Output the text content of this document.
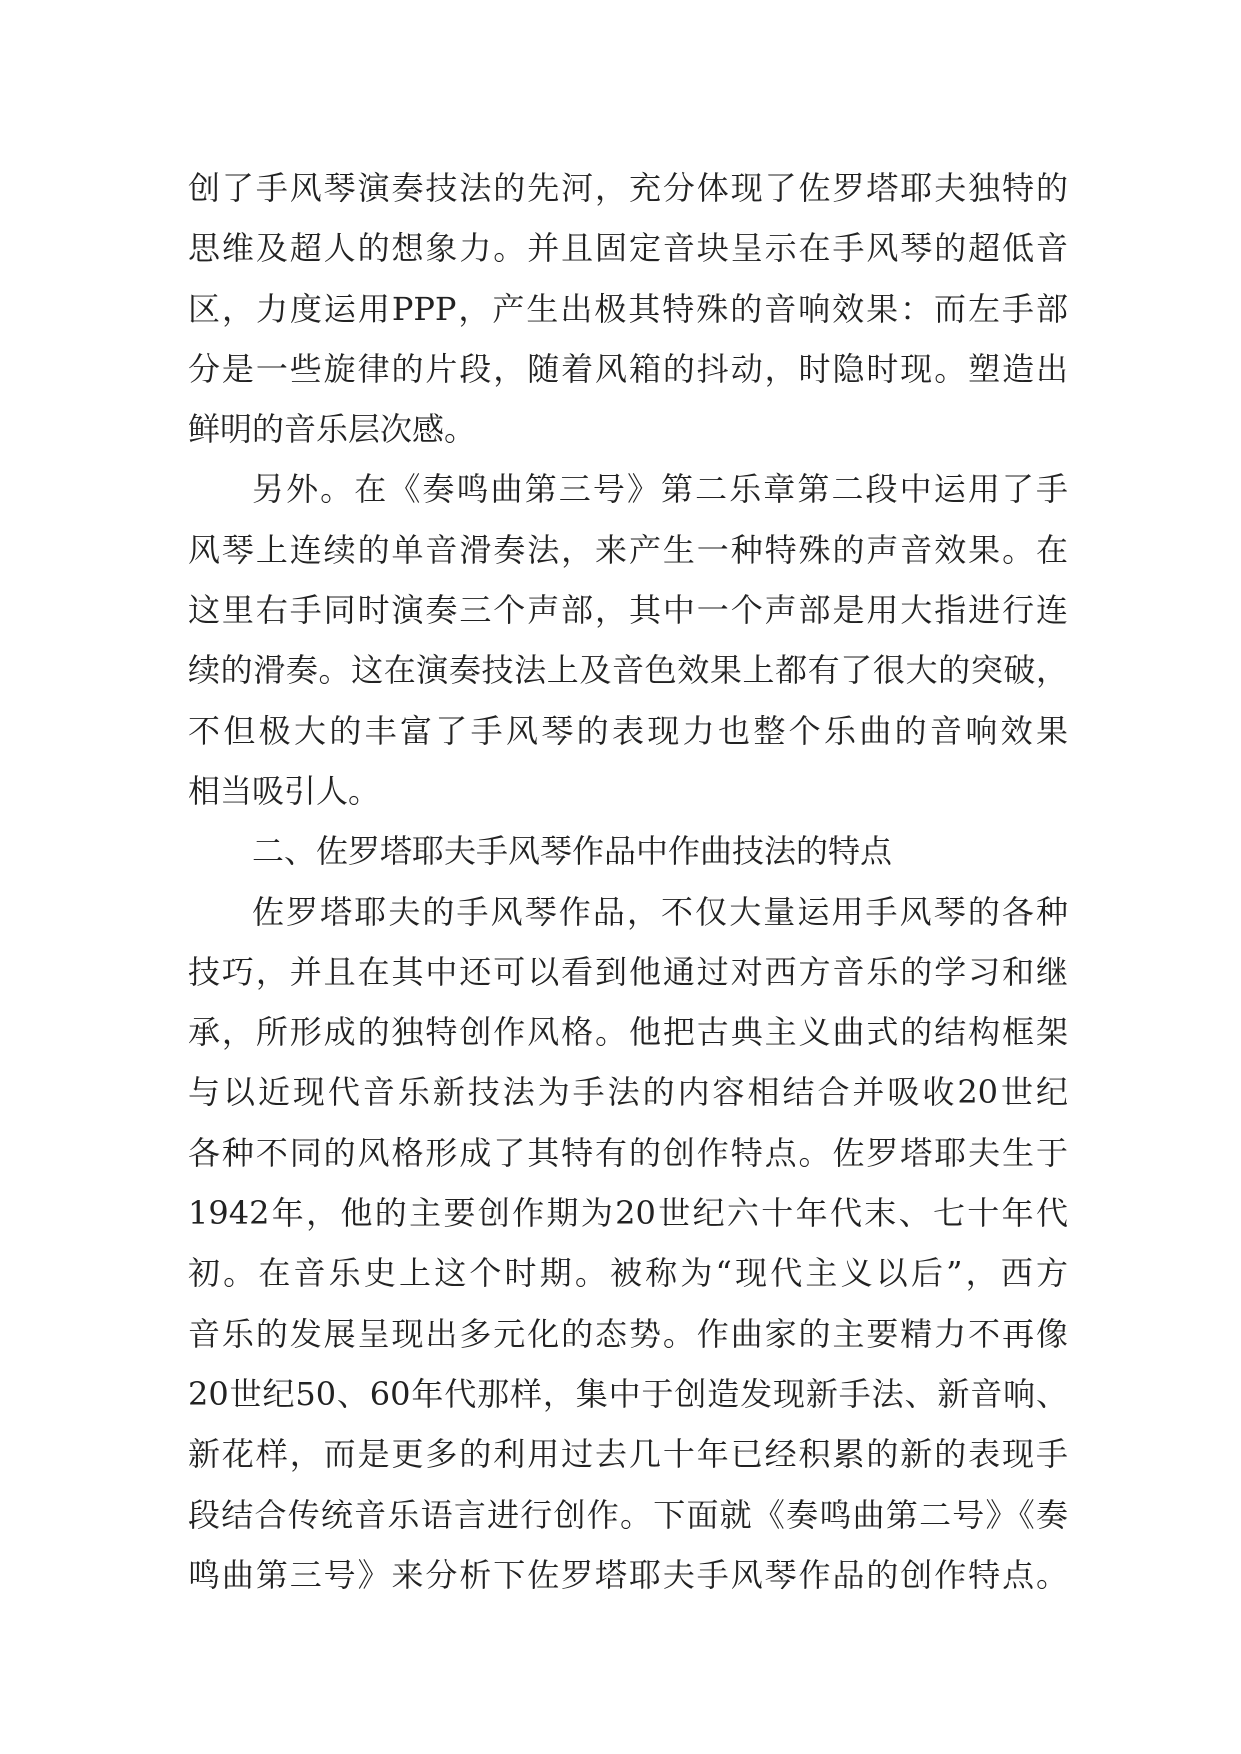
创了手风琴演奏技法的先河，充分体现了佐罗塔耶夫独特的
思维及超人的想象力。并且固定音块呈示在手风琴的超低音
区，力度运用PPP，产生出极其特殊的音响效果：而左手部
分是一些旋律的片段，随着风箱的抖动，时隐时现。塑造出
鲜明的音乐层次感。
另外。在《奏鸣曲第三号》第二乐章第二段中运用了手
风琴上连续的单音滑奏法，来产生一种特殊的声音效果。在
这里右手同时演奏三个声部，其中一个声部是用大指进行连
续的滑奏。这在演奏技法上及音色效果上都有了很大的突破，
不但极大的丰富了手风琴的表现力也整个乐曲的音响效果
相当吸引人。
二、佐罗塔耶夫手风琴作品中作曲技法的特点
佐罗塔耶夫的手风琴作品，不仅大量运用手风琴的各种
技巧，并且在其中还可以看到他通过对西方音乐的学习和继
承，所形成的独特创作风格。他把古典主义曲式的结构框架
与以近现代音乐新技法为手法的内容相结合并吸收20世纪
各种不同的风格形成了其特有的创作特点。佐罗塔耶夫生于
1942年，他的主要创作期为20世纪六十年代末、七十年代
初。在音乐史上这个时期。被称为“现代主义以后”，西方
音乐的发展呈现出多元化的态势。作曲家的主要精力不再像
20世纪50、60年代那样，集中于创造发现新手法、新音响、
新花样，而是更多的利用过去几十年已经积累的新的表现手
段结合传统音乐语言进行创作。下面就《奏鸣曲第二号》《奏
鸣曲第三号》来分析下佐罗塔耶夫手风琴作品的创作特点。
